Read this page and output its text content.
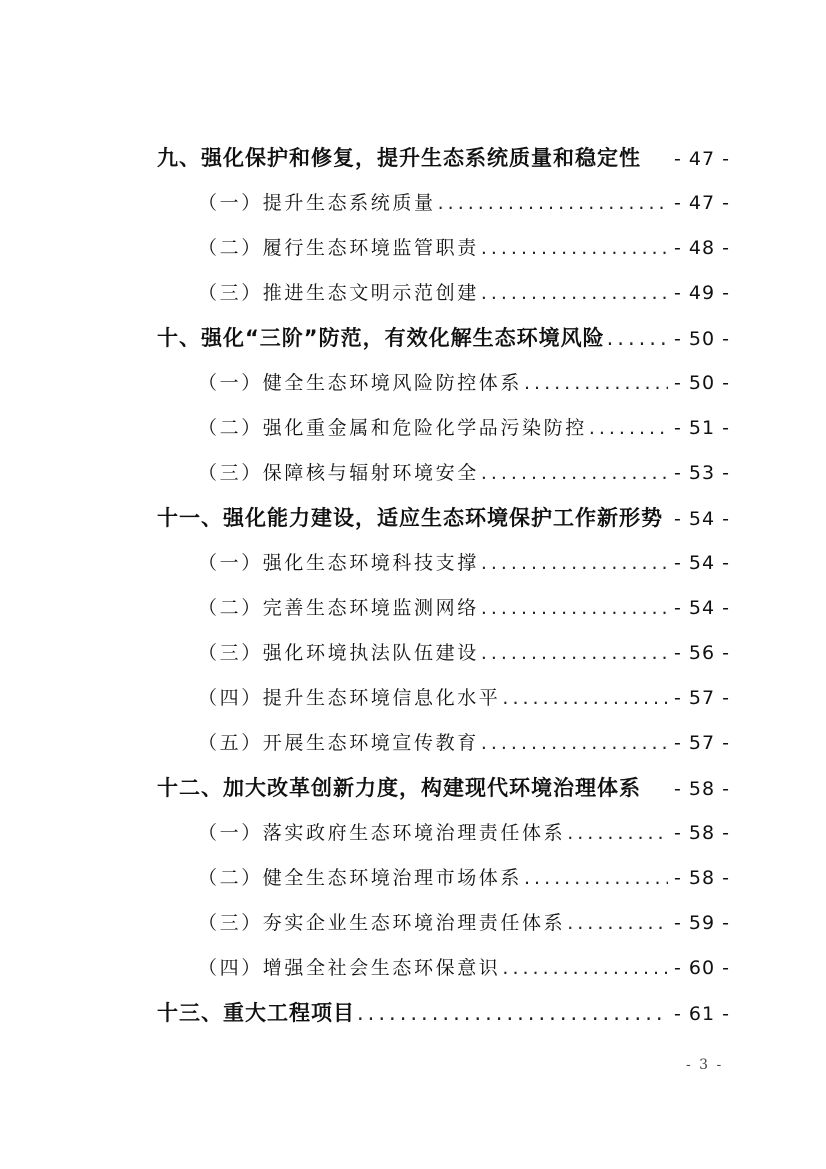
九、强化保护和修复，提升生态系统质量和稳定性 - 47 -
（一）提升生态系统质量 .....	- 47 -
（二）履行生态环境监管职责 .....	- 48 -
（三）推进生态文明示范创建 .....	- 49 -
十、强化“三阶”防范，有效化解生态环境风险 .....	- 50 -
（一）健全生态环境风险防控体系 .....	- 50 -
（二）强化重金属和危险化学品污染防控 .....	- 51 -
（三）保障核与辐射环境安全 .....	- 53 -
十一、强化能力建设，适应生态环境保护工作新形势 - 54 -
（一）强化生态环境科技支撑 .....	- 54 -
（二）完善生态环境监测网络 .....	- 54 -
（三）强化环境执法队伍建设 .....	- 56 -
（四）提升生态环境信息化水平 .....	- 57 -
（五）开展生态环境宣传教育 .....	- 57 -
十二、加大改革创新力度，构建现代环境治理体系 - 58 -
（一）落实政府生态环境治理责任体系 .....	- 58 -
（二）健全生态环境治理市场体系 .....	- 58 -
（三）夯实企业生态环境治理责任体系 .....	- 59 -
（四）增强全社会生态环保意识 .....	- 60 -
十三、重大工程项目 .....	- 61 -
- 3 -
